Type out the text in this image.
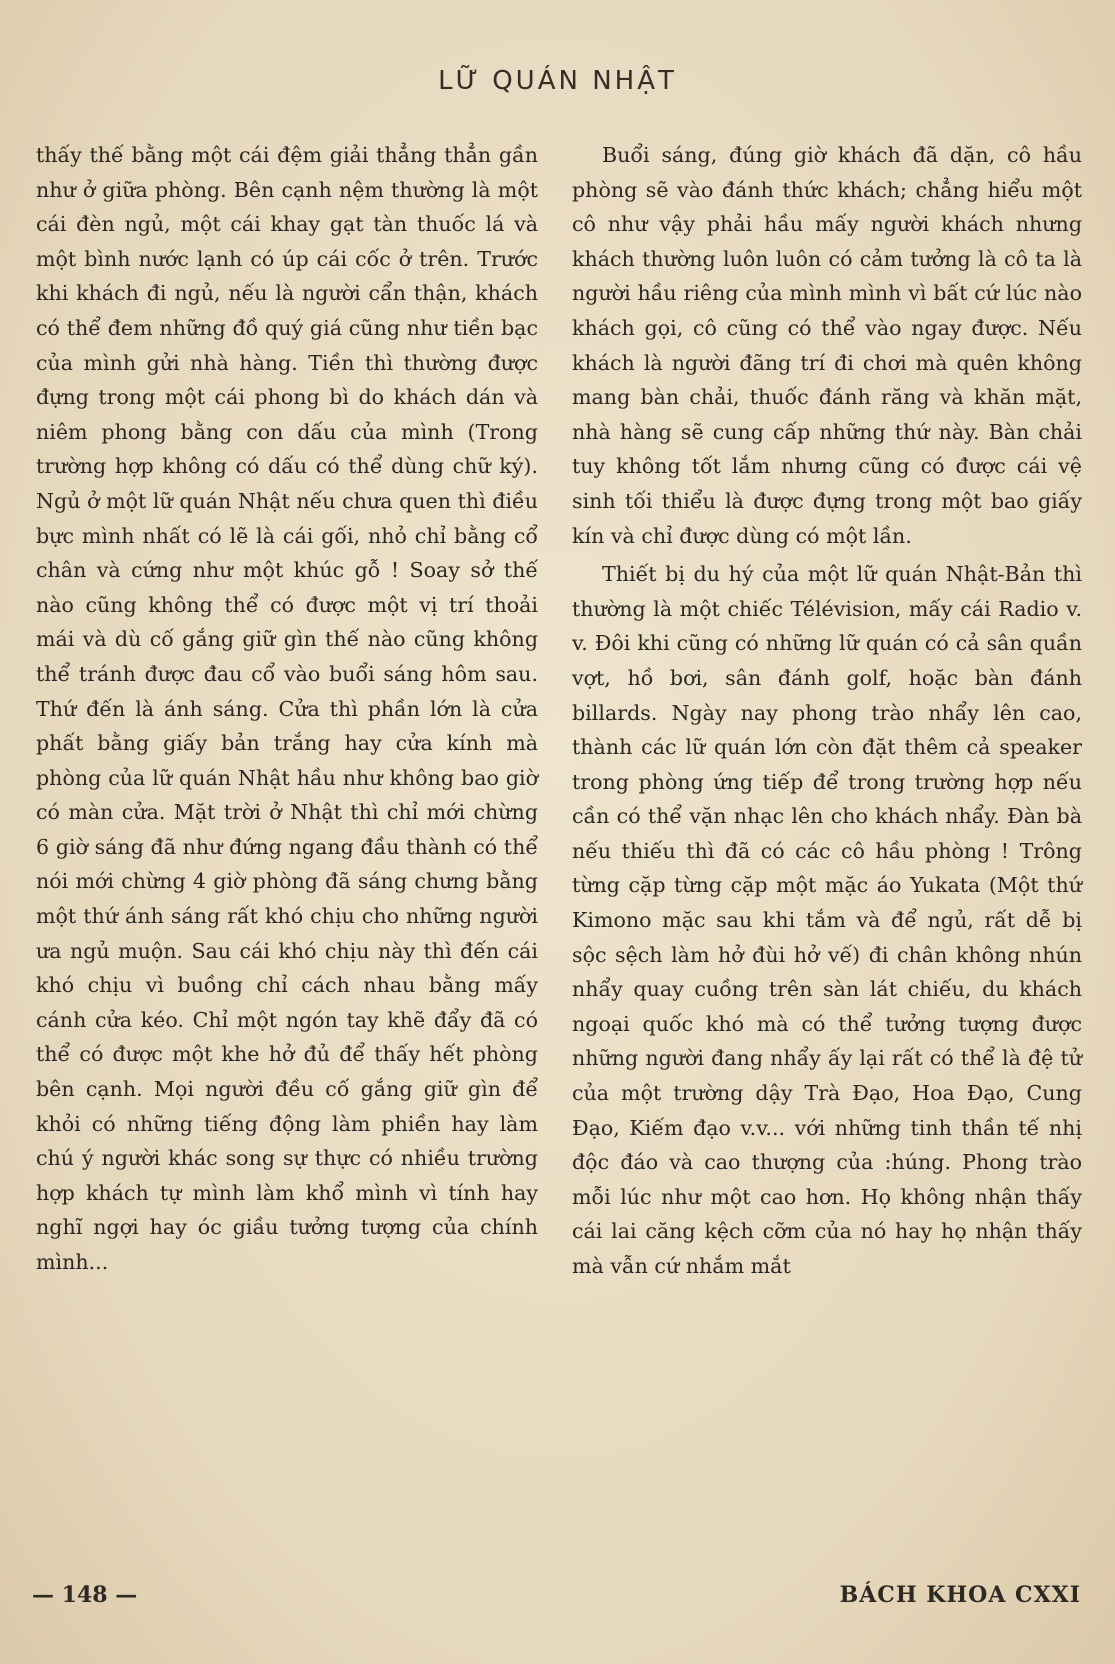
LỮ QUÁN NHẬT

thấy thế bằng một cái đệm giải thẳng thẳn gần như ở giữa phòng. Bên cạnh nệm thường là một cái đèn ngủ, một cái khay gạt tàn thuốc lá và một bình nước lạnh có úp cái cốc ở trên. Trước khi khách đi ngủ, nếu là người cẩn thận, khách có thể đem những đồ quý giá cũng như tiền bạc của mình gửi nhà hàng. Tiền thì thường được đựng trong một cái phong bì do khách dán và niêm phong bằng con dấu của mình (Trong trường hợp không có dấu có thể dùng chữ ký). Ngủ ở một lữ quán Nhật nếu chưa quen thì điều bực mình nhất có lẽ là cái gối, nhỏ chỉ bằng cổ chân và cứng như một khúc gỗ ! Soay sở thế nào cũng không thể có được một vị trí thoải mái và dù cố gắng giữ gìn thế nào cũng không thể tránh được đau cổ vào buổi sáng hôm sau. Thứ đến là ánh sáng. Cửa thì phần lớn là cửa phất bằng giấy bản trắng hay cửa kính mà phòng của lữ quán Nhật hầu như không bao giờ có màn cửa. Mặt trời ở Nhật thì chỉ mới chừng 6 giờ sáng đã như đứng ngang đầu thành có thể nói mới chừng 4 giờ phòng đã sáng chưng bằng một thứ ánh sáng rất khó chịu cho những người ưa ngủ muộn. Sau cái khó chịu này thì đến cái khó chịu vì buồng chỉ cách nhau bằng mấy cánh cửa kéo. Chỉ một ngón tay khẽ đẩy đã có thể có được một khe hở đủ để thấy hết phòng bên cạnh. Mọi người đều cố gắng giữ gìn để khỏi có những tiếng động làm phiền hay làm chú ý người khác song sự thực có nhiều trường hợp khách tự mình làm khổ mình vì tính hay nghĩ ngợi hay óc giầu tưởng tượng của chính mình...

Buổi sáng, đúng giờ khách đã dặn, cô hầu phòng sẽ vào đánh thức khách; chẳng hiểu một cô như vậy phải hầu mấy người khách nhưng khách thường luôn luôn có cảm tưởng là cô ta là người hầu riêng của mình mình vì bất cứ lúc nào khách gọi, cô cũng có thể vào ngay được. Nếu khách là người đãng trí đi chơi mà quên không mang bàn chải, thuốc đánh răng và khăn mặt, nhà hàng sẽ cung cấp những thứ này. Bàn chải tuy không tốt lắm nhưng cũng có được cái vệ sinh tối thiểu là được đựng trong một bao giấy kín và chỉ được dùng có một lần.

Thiết bị du hý của một lữ quán Nhật-Bản thì thường là một chiếc Télévision, mấy cái Radio v. v. Đôi khi cũng có những lữ quán có cả sân quần vợt, hồ bơi, sân đánh golf, hoặc bàn đánh billards. Ngày nay phong trào nhẩy lên cao, thành các lữ quán lớn còn đặt thêm cả speaker trong phòng ứng tiếp để trong trường hợp nếu cần có thể vặn nhạc lên cho khách nhẩy. Đàn bà nếu thiếu thì đã có các cô hầu phòng ! Trông từng cặp từng cặp một mặc áo Yukata (Một thứ Kimono mặc sau khi tắm và để ngủ, rất dễ bị sộc sệch làm hở đùi hở vế) đi chân không nhún nhẩy quay cuồng trên sàn lát chiếu, du khách ngoại quốc khó mà có thể tưởng tượng được những người đang nhẩy ấy lại rất có thể là đệ tử của một trường dậy Trà Đạo, Hoa Đạo, Cung Đạo, Kiếm đạo v.v... với những tinh thần tế nhị độc đáo và cao thượng của :húng. Phong trào mỗi lúc như một cao hơn. Họ không nhận thấy cái lai căng kệch cỡm của nó hay họ nhận thấy mà vẫn cứ nhắm mắt

— 148 —	BÁCH KHOA CXXI
